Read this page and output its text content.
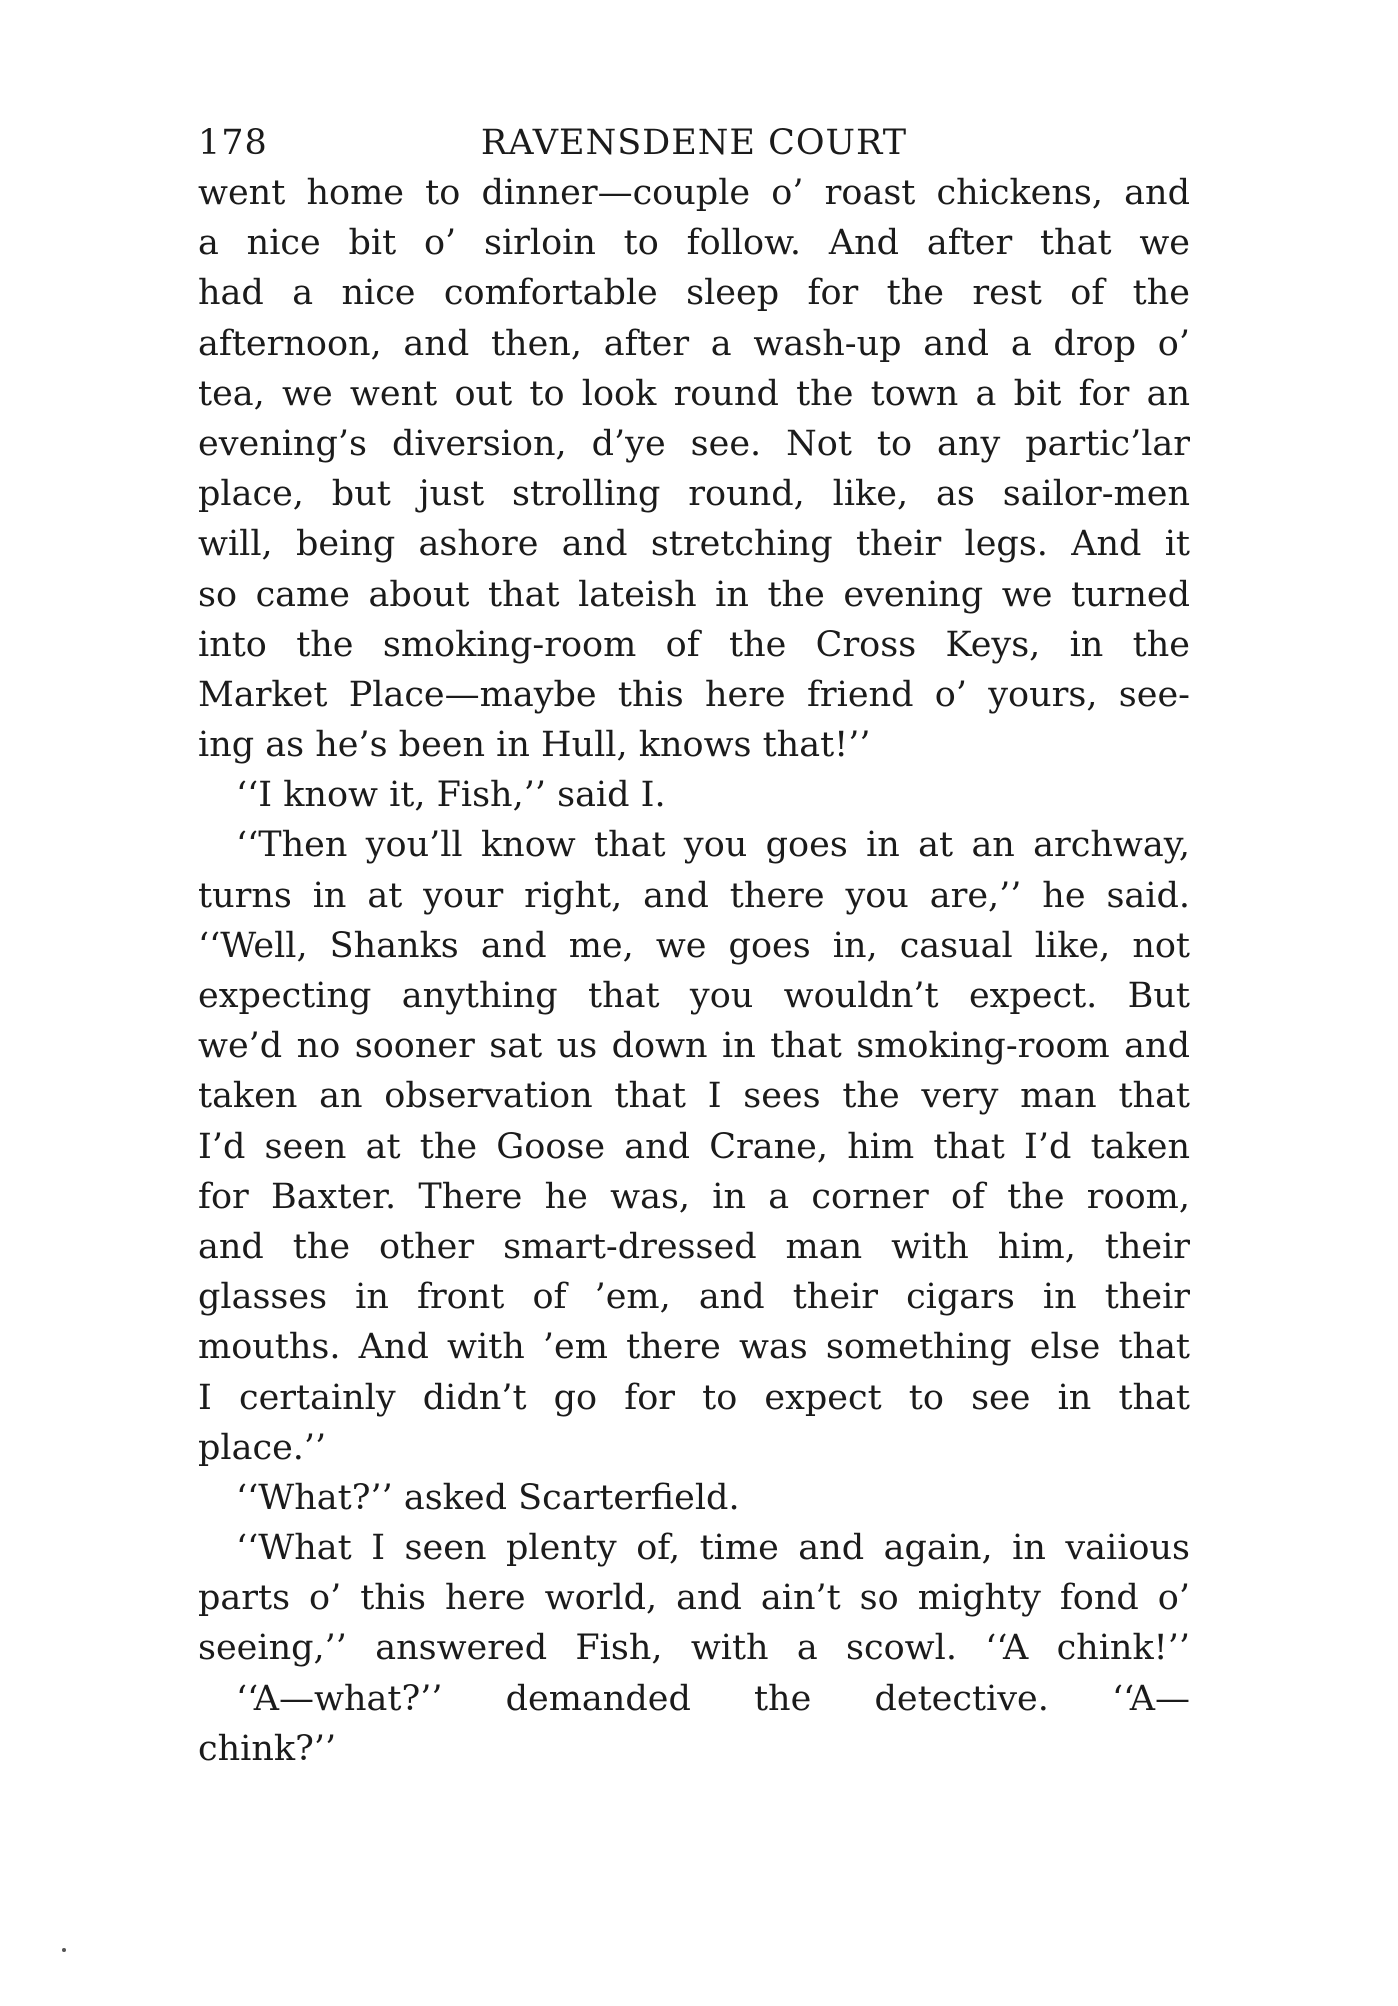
178	RAVENSDENE COURT
went home to dinner—couple o’ roast chickens, and
a nice bit o’ sirloin to follow. And after that we
had a nice comfortable sleep for the rest of the
afternoon, and then, after a wash-up and a drop o’
tea, we went out to look round the town a bit for an
evening’s diversion, d’ye see. Not to any partic’lar
place, but just strolling round, like, as sailor-men
will, being ashore and stretching their legs. And it
so came about that lateish in the evening we turned
into the smoking-room of the Cross Keys, in the
Market Place—maybe this here friend o’ yours, see-
ing as he’s been in Hull, knows that!’’
‘‘I know it, Fish,’’ said I.
‘‘Then you’ll know that you goes in at an archway,
turns in at your right, and there you are,’’ he said.
‘‘Well, Shanks and me, we goes in, casual like, not
expecting anything that you wouldn’t expect. But
we’d no sooner sat us down in that smoking-room and
taken an observation that I sees the very man that
I’d seen at the Goose and Crane, him that I’d taken
for Baxter. There he was, in a corner of the room,
and the other smart-dressed man with him, their
glasses in front of ’em, and their cigars in their
mouths. And with ’em there was something else that
I certainly didn’t go for to expect to see in that
place.’’
‘‘What?’’ asked Scarterfield.
‘‘What I seen plenty of, time and again, in vaiious
parts o’ this here world, and ain’t so mighty fond o’
seeing,’’ answered Fish, with a scowl. ‘‘A chink!’’
‘‘A—what?’’ demanded the detective. ‘‘A—
chink?’’
